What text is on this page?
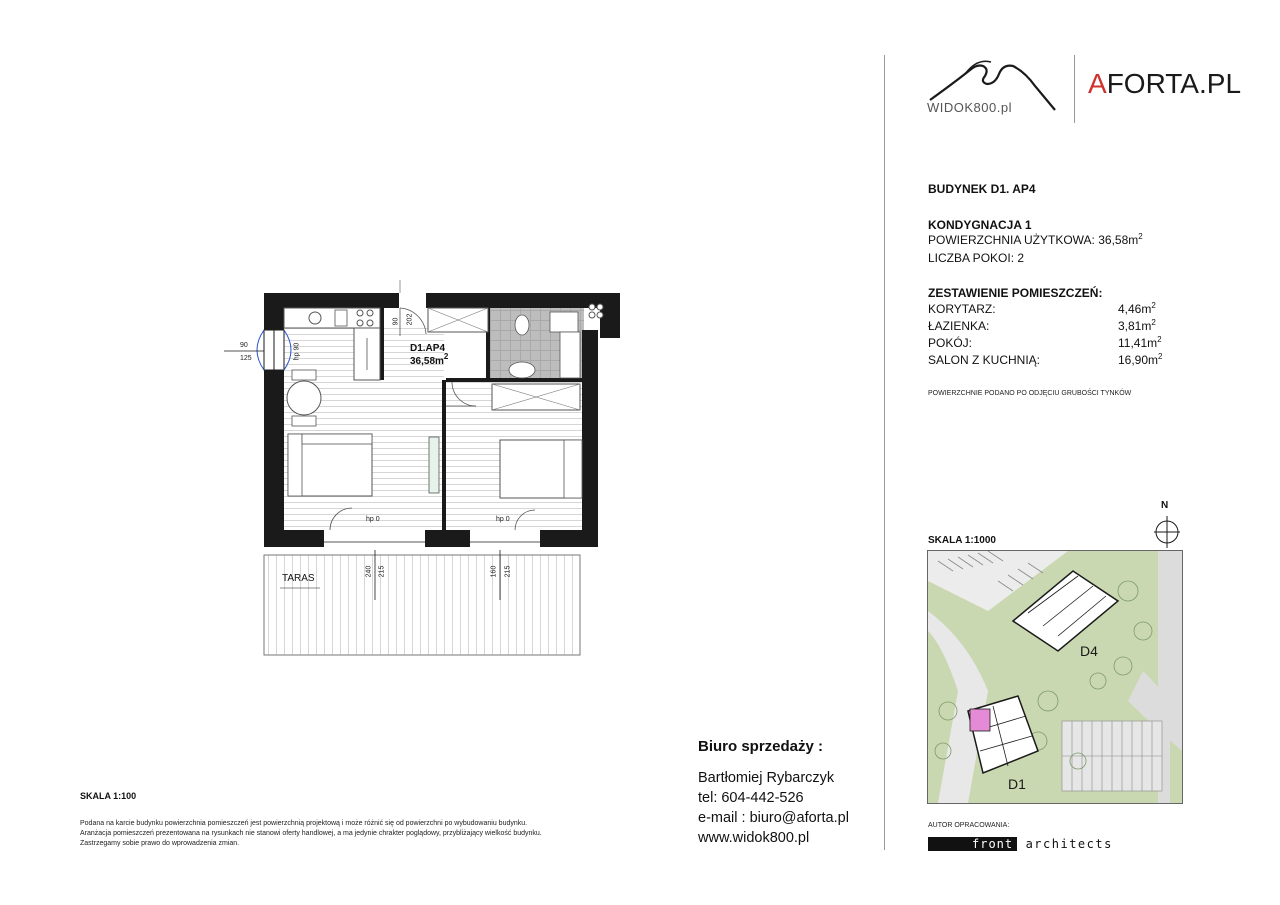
WIDOK800.pl
AFORTA.PL
BUDYNEK D1. AP4
KONDYGNACJA 1
POWIERZCHNIA UŻYTKOWA: $36,58m^2$
LICZBA POKOI: 2
ZESTAWIENIE POMIESZCZEŃ:
KORYTARZ:	$4,46m^2$
ŁAZIENKA:	$3,81m^2$
POKÓJ:	$11,41m^2$
SALON Z KUCHNIĄ:	$16,90m^2$
POWIERZCHNIE PODANO PO ODJĘCIU GRUBOŚCI TYNKÓW
D1.AP4
$36,58m^2$
90 202
90
125	hp 90
hp 0	hp 0
240 215	160 215
TARAS
SKALA 1:1000
N
D4
D1
AUTOR OPRACOWANIA:
front architects
Biuro sprzedaży :
Bartłomiej Rybarczyk
tel: 604-442-526
e-mail : biuro@aforta.pl
www.widok800.pl
SKALA 1:100
Podana na karcie budynku powierzchnia pomieszczeń jest powierzchnią projektową i może różnić się od powierzchni po wybudowaniu budynku.
Aranżacja pomieszczeń prezentowana na rysunkach nie stanowi oferty handlowej, a ma jedynie chrakter poglądowy, przybliżający wielkość budynku.
Zastrzegamy sobie prawo do wprowadzenia zmian.
